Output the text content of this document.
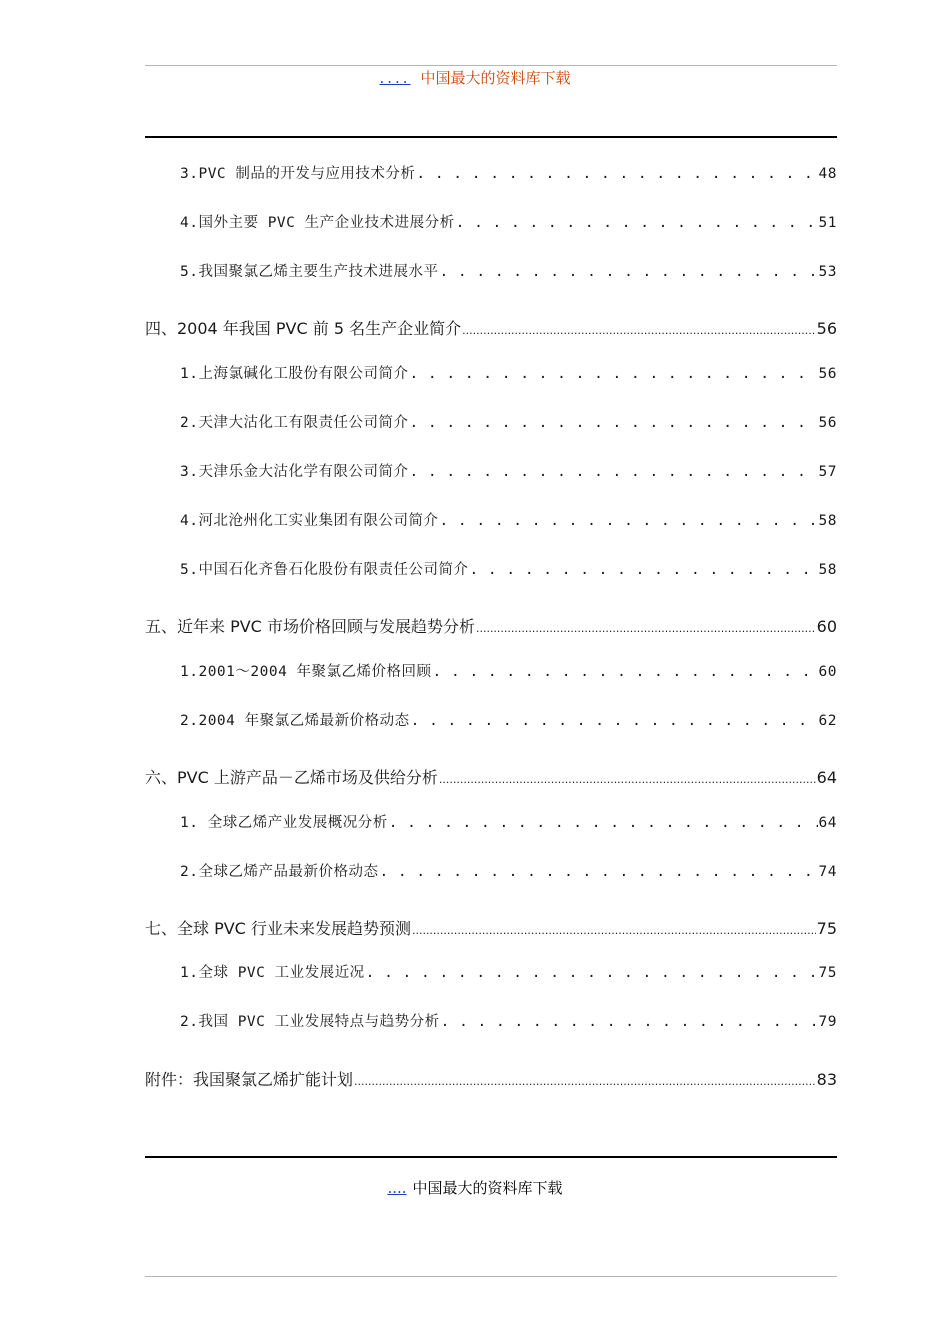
.... 中国最大的资料库下载
3.PVC 制品的开发与应用技术分析 . . .	48
4.国外主要 PVC 生产企业技术进展分析 . . .	51
5.我国聚氯乙烯主要生产技术进展水平 . . .	53
四、2004 年我国 PVC 前 5 名生产企业简介 .....	56
1.上海氯碱化工股份有限公司简介 . . .	56
2.天津大沽化工有限责任公司简介 . . .	56
3.天津乐金大沽化学有限公司简介 . . .	57
4.河北沧州化工实业集团有限公司简介 . . .	58
5.中国石化齐鲁石化股份有限责任公司简介 . . .	58
五、近年来 PVC 市场价格回顾与发展趋势分析 .....	60
1.2001～2004 年聚氯乙烯价格回顾 . . .	60
2.2004 年聚氯乙烯最新价格动态 . . .	62
六、PVC 上游产品－乙烯市场及供给分析 .....	64
1. 全球乙烯产业发展概况分析 . . .	64
2.全球乙烯产品最新价格动态 . . .	74
七、全球 PVC 行业未来发展趋势预测 .....	75
1.全球 PVC 工业发展近况 . . .	75
2.我国 PVC 工业发展特点与趋势分析 . . .	79
附件：我国聚氯乙烯扩能计划 .....	83
.... 中国最大的资料库下载
